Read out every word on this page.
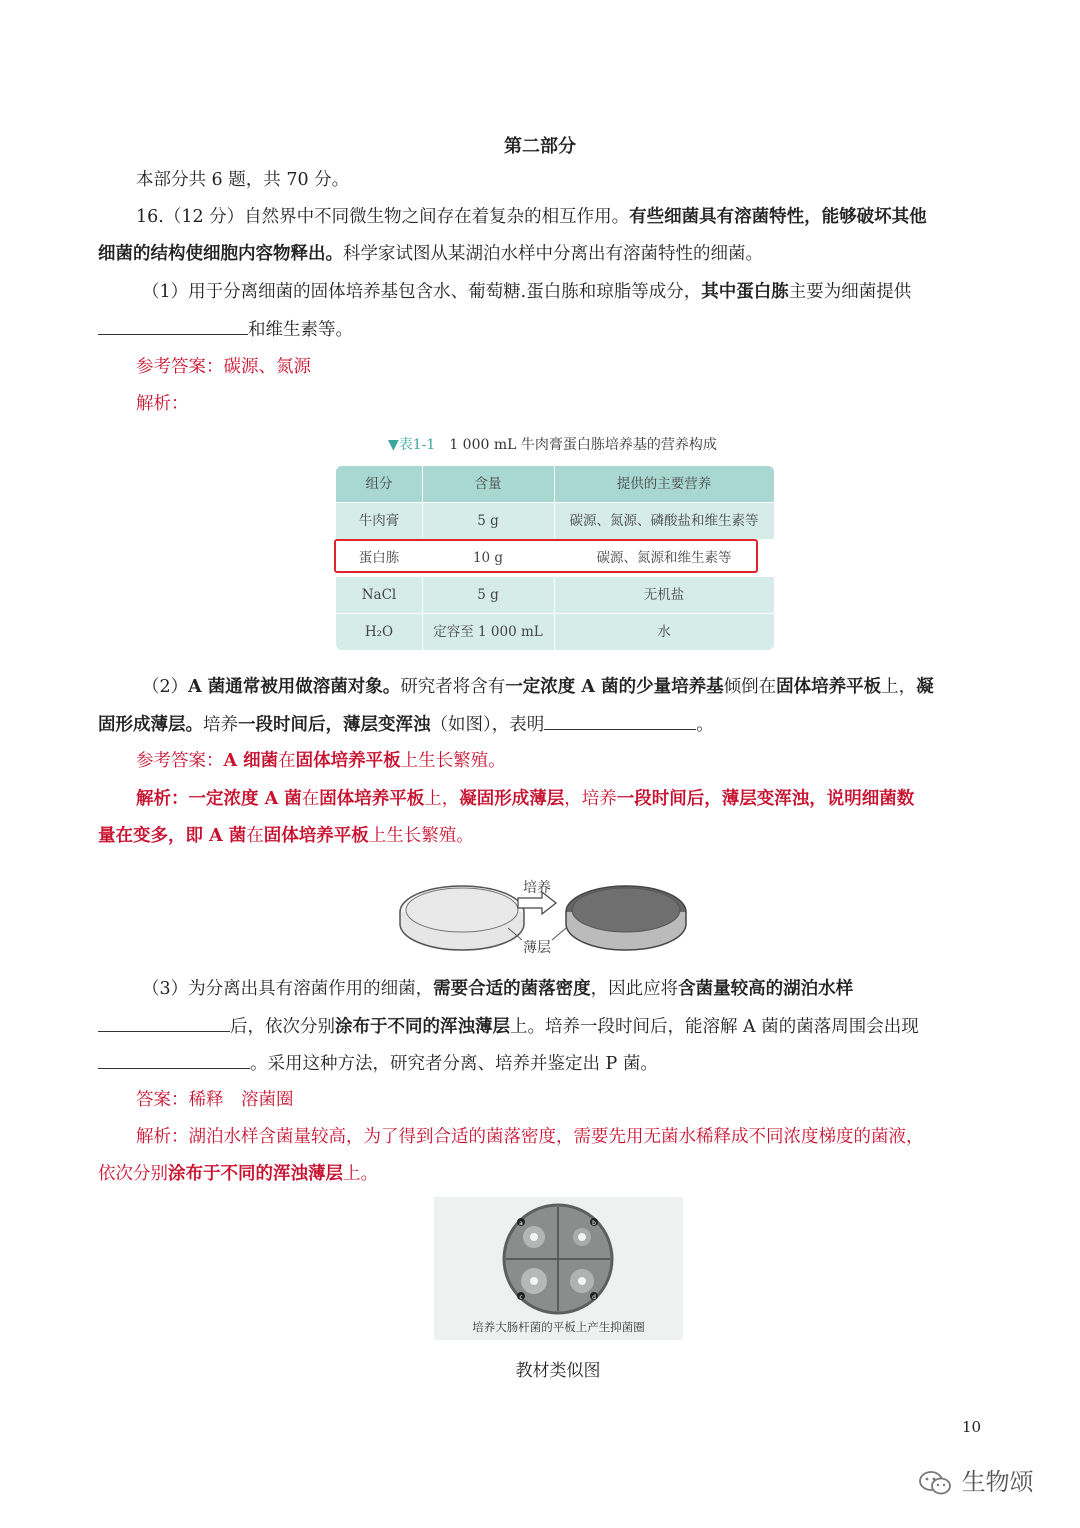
第二部分
本部分共 6 题，共 70 分。
16.（12 分）自然界中不同微生物之间存在着复杂的相互作用。有些细菌具有溶菌特性，能够破坏其他
细菌的结构使细胞内容物释出。科学家试图从某湖泊水样中分离出有溶菌特性的细菌。
（1）用于分离细菌的固体培养基包含水、葡萄糖.蛋白胨和琼脂等成分，其中蛋白胨主要为细菌提供
和维生素等。
参考答案：碳源、氮源
解析：
▼表1-1　 1 000 mL 牛肉膏蛋白胨培养基的营养构成
组分	含量	提供的主要营养
牛肉膏	5 g	碳源、氮源、磷酸盐和维生素等
蛋白胨	10 g	碳源、氮源和维生素等
NaCl	5 g	无机盐
H₂O	定容至 1 000 mL	水
（2）A 菌通常被用做溶菌对象。研究者将含有一定浓度 A 菌的少量培养基倾倒在固体培养平板上，凝
固形成薄层。培养一段时间后，薄层变浑浊（如图），表明	。
参考答案：A 细菌在固体培养平板上生长繁殖。
解析：一定浓度 A 菌在固体培养平板上，凝固形成薄层，培养一段时间后，薄层变浑浊，说明细菌数
量在变多，即 A 菌在固体培养平板上生长繁殖。
培养
薄层
（3）为分离出具有溶菌作用的细菌，需要合适的菌落密度，因此应将含菌量较高的湖泊水样
后，依次分别涂布于不同的浑浊薄层上。培养一段时间后，能溶解 A 菌的菌落周围会出现
。采用这种方法，研究者分离、培养并鉴定出 P 菌。
答案：稀释　溶菌圈
解析：湖泊水样含菌量较高，为了得到合适的菌落密度，需要先用无菌水稀释成不同浓度梯度的菌液，
依次分别涂布于不同的浑浊薄层上。
a	b
c	d
培养大肠杆菌的平板上产生抑菌圈
教材类似图
10
生物颂
